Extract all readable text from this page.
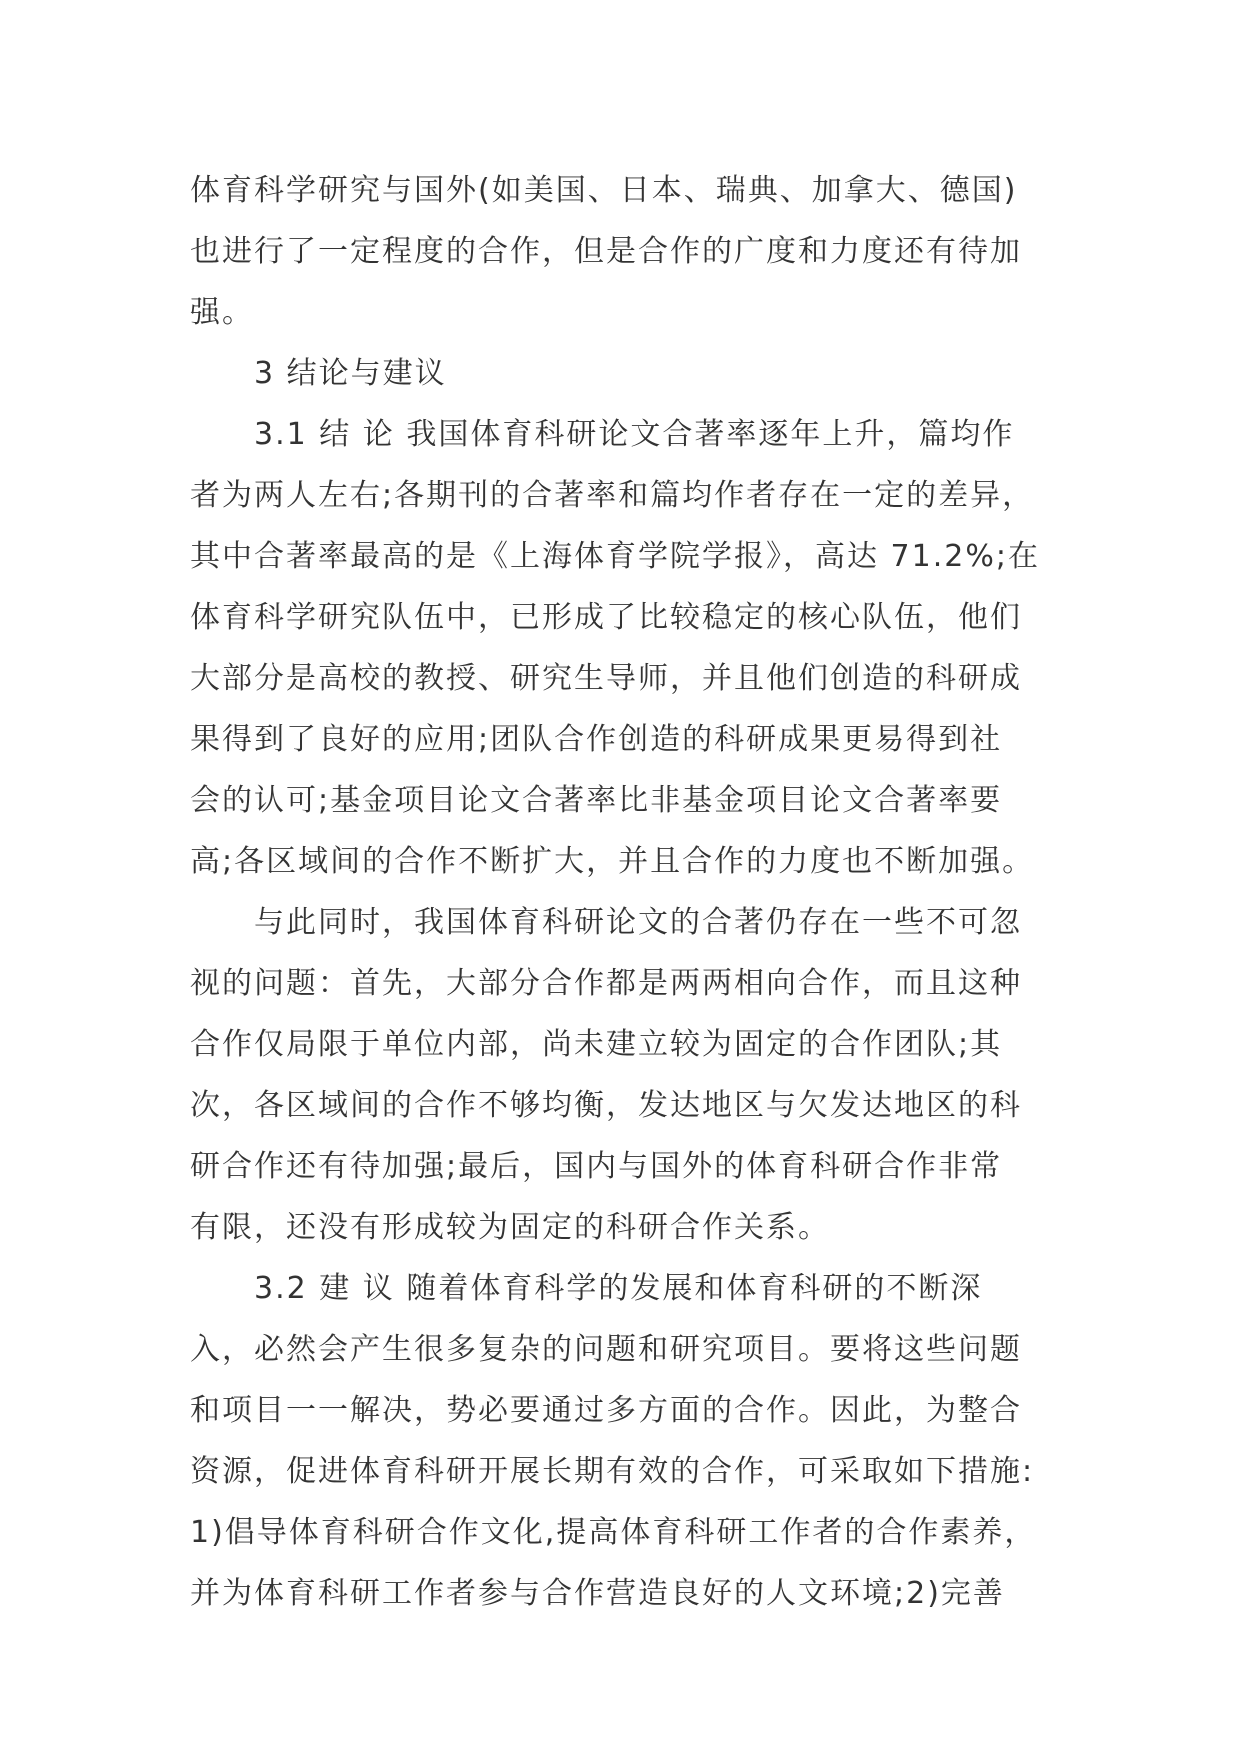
体育科学研究与国外(如美国、日本、瑞典、加拿大、德国)
也进行了一定程度的合作，但是合作的广度和力度还有待加
强。
3 结论与建议
3.1 结 论 我国体育科研论文合著率逐年上升，篇均作
者为两人左右;各期刊的合著率和篇均作者存在一定的差异，
其中合著率最高的是《上海体育学院学报》，高达 71.2%;在
体育科学研究队伍中，已形成了比较稳定的核心队伍，他们
大部分是高校的教授、研究生导师，并且他们创造的科研成
果得到了良好的应用;团队合作创造的科研成果更易得到社
会的认可;基金项目论文合著率比非基金项目论文合著率要
高;各区域间的合作不断扩大，并且合作的力度也不断加强。
与此同时，我国体育科研论文的合著仍存在一些不可忽
视的问题：首先，大部分合作都是两两相向合作，而且这种
合作仅局限于单位内部，尚未建立较为固定的合作团队;其
次，各区域间的合作不够均衡，发达地区与欠发达地区的科
研合作还有待加强;最后，国内与国外的体育科研合作非常
有限，还没有形成较为固定的科研合作关系。
3.2 建 议 随着体育科学的发展和体育科研的不断深
入，必然会产生很多复杂的问题和研究项目。要将这些问题
和项目一一解决，势必要通过多方面的合作。因此，为整合
资源，促进体育科研开展长期有效的合作，可采取如下措施:
1)倡导体育科研合作文化,提高体育科研工作者的合作素养，
并为体育科研工作者参与合作营造良好的人文环境;2)完善
